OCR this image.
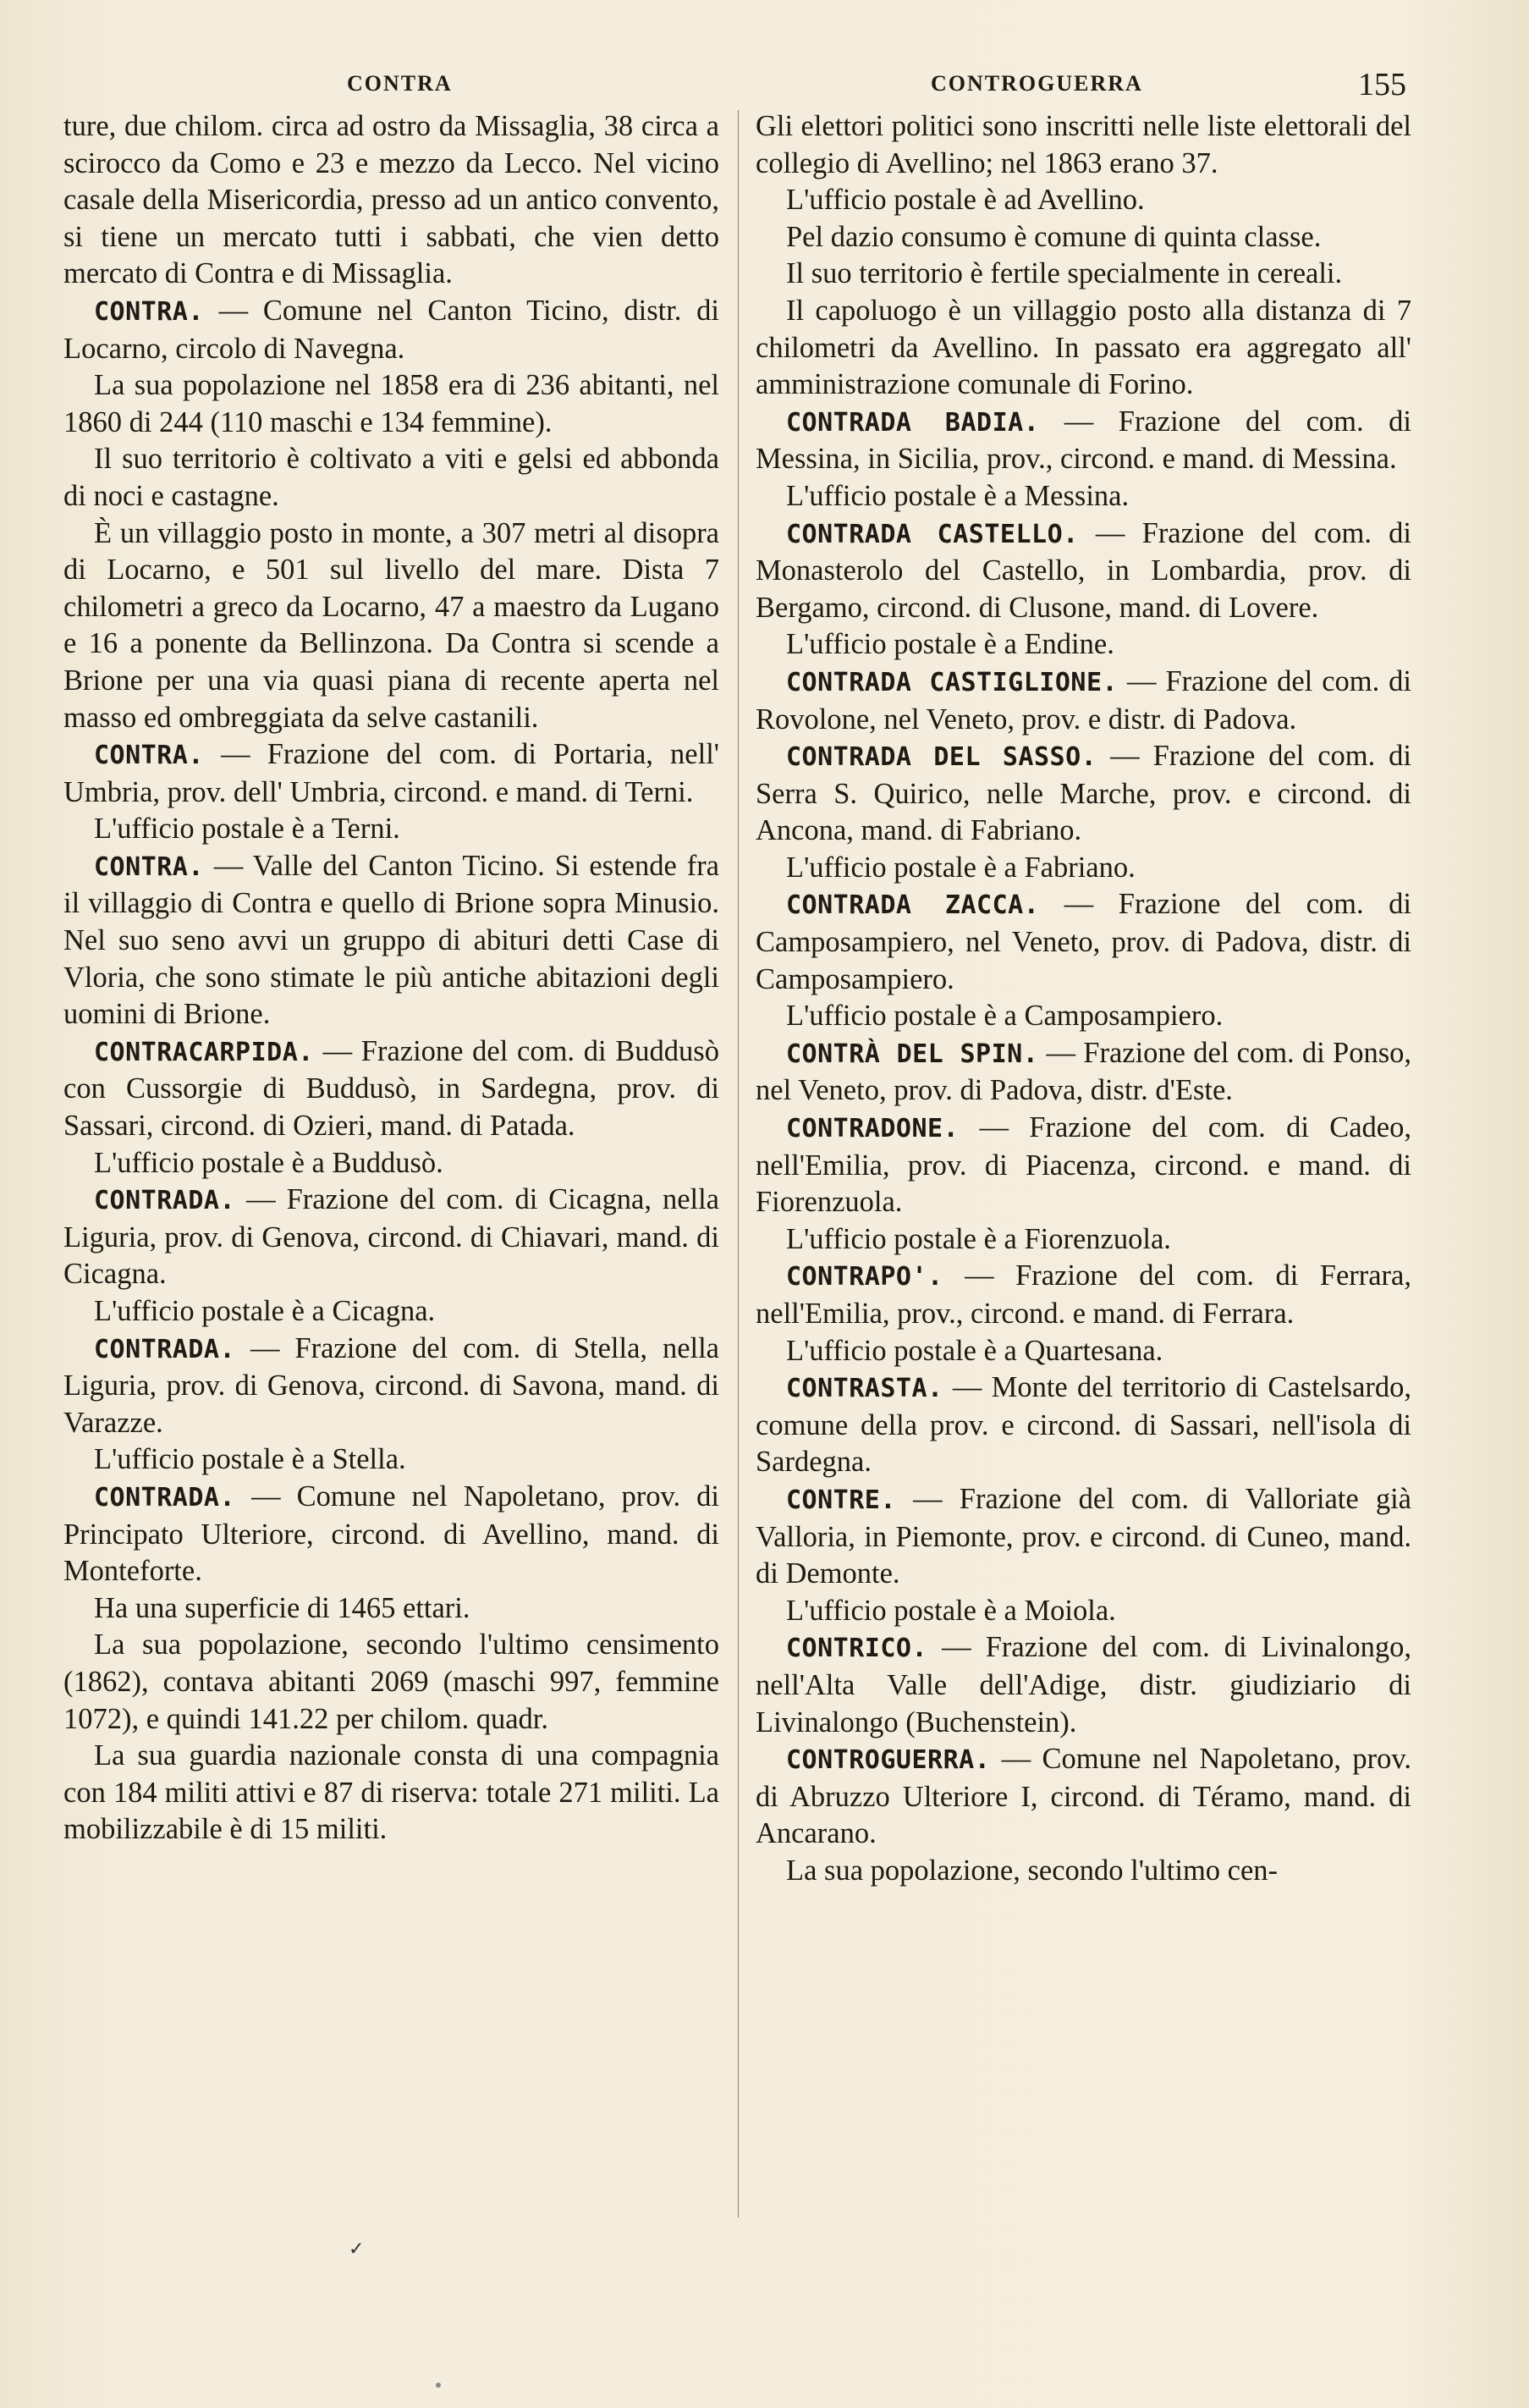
CONTRA	CONTROGUERRA	155

ture, due chilom. circa ad ostro da Missaglia, 38 circa a scirocco da Como e 23 e mezzo da Lecco. Nel vicino casale della Misericordia, presso ad un antico convento, si tiene un mercato tutti i sabbati, che vien detto mercato di Contra e di Missaglia.

CONTRA. — Comune nel Canton Ticino, distr. di Locarno, circolo di Navegna.

La sua popolazione nel 1858 era di 236 abitanti, nel 1860 di 244 (110 maschi e 134 femmine).

Il suo territorio è coltivato a viti e gelsi ed abbonda di noci e castagne.

È un villaggio posto in monte, a 307 metri al disopra di Locarno, e 501 sul livello del mare. Dista 7 chilometri a greco da Locarno, 47 a maestro da Lugano e 16 a ponente da Bellinzona. Da Contra si scende a Brione per una via quasi piana di recente aperta nel masso ed ombreggiata da selve castanili.

CONTRA. — Frazione del com. di Portaria, nell' Umbria, prov. dell' Umbria, circond. e mand. di Terni.

L'ufficio postale è a Terni.

CONTRA. — Valle del Canton Ticino. Si estende fra il villaggio di Contra e quello di Brione sopra Minusio. Nel suo seno avvi un gruppo di abituri detti Case di Vloria, che sono stimate le più antiche abitazioni degli uomini di Brione.

CONTRACARPIDA. — Frazione del com. di Buddusò con Cussorgie di Buddusò, in Sardegna, prov. di Sassari, circond. di Ozieri, mand. di Patada.

L'ufficio postale è a Buddusò.

CONTRADA. — Frazione del com. di Cicagna, nella Liguria, prov. di Genova, circond. di Chiavari, mand. di Cicagna.

L'ufficio postale è a Cicagna.

CONTRADA. — Frazione del com. di Stella, nella Liguria, prov. di Genova, circond. di Savona, mand. di Varazze.

L'ufficio postale è a Stella.

CONTRADA. — Comune nel Napoletano, prov. di Principato Ulteriore, circond. di Avellino, mand. di Monteforte.

Ha una superficie di 1465 ettari.

La sua popolazione, secondo l'ultimo censimento (1862), contava abitanti 2069 (maschi 997, femmine 1072), e quindi 141.22 per chilom. quadr.

La sua guardia nazionale consta di una compagnia con 184 militi attivi e 87 di riserva: totale 271 militi. La mobilizzabile è di 15 militi.

Gli elettori politici sono inscritti nelle liste elettorali del collegio di Avellino; nel 1863 erano 37.

L'ufficio postale è ad Avellino.

Pel dazio consumo è comune di quinta classe.

Il suo territorio è fertile specialmente in cereali.

Il capoluogo è un villaggio posto alla distanza di 7 chilometri da Avellino. In passato era aggregato all' amministrazione comunale di Forino.

CONTRADA BADIA. — Frazione del com. di Messina, in Sicilia, prov., circond. e mand. di Messina.

L'ufficio postale è a Messina.

CONTRADA CASTELLO. — Frazione del com. di Monasterolo del Castello, in Lombardia, prov. di Bergamo, circond. di Clusone, mand. di Lovere.

L'ufficio postale è a Endine.

CONTRADA CASTIGLIONE. — Frazione del com. di Rovolone, nel Veneto, prov. e distr. di Padova.

CONTRADA DEL SASSO. — Frazione del com. di Serra S. Quirico, nelle Marche, prov. e circond. di Ancona, mand. di Fabriano.

L'ufficio postale è a Fabriano.

CONTRADA ZACCA. — Frazione del com. di Camposampiero, nel Veneto, prov. di Padova, distr. di Camposampiero.

L'ufficio postale è a Camposampiero.

CONTRÀ DEL SPIN. — Frazione del com. di Ponso, nel Veneto, prov. di Padova, distr. d'Este.

CONTRADONE. — Frazione del com. di Cadeo, nell'Emilia, prov. di Piacenza, circond. e mand. di Fiorenzuola.

L'ufficio postale è a Fiorenzuola.

CONTRAPO'. — Frazione del com. di Ferrara, nell'Emilia, prov., circond. e mand. di Ferrara.

L'ufficio postale è a Quartesana.

CONTRASTA. — Monte del territorio di Castelsardo, comune della prov. e circond. di Sassari, nell'isola di Sardegna.

CONTRE. — Frazione del com. di Valloriate già Valloria, in Piemonte, prov. e circond. di Cuneo, mand. di Demonte.

L'ufficio postale è a Moiola.

CONTRICO. — Frazione del com. di Livinalongo, nell'Alta Valle dell'Adige, distr. giudiziario di Livinalongo (Buchenstein).

CONTROGUERRA. — Comune nel Napoletano, prov. di Abruzzo Ulteriore I, circond. di Téramo, mand. di Ancarano.

La sua popolazione, secondo l'ultimo cen-

✓
